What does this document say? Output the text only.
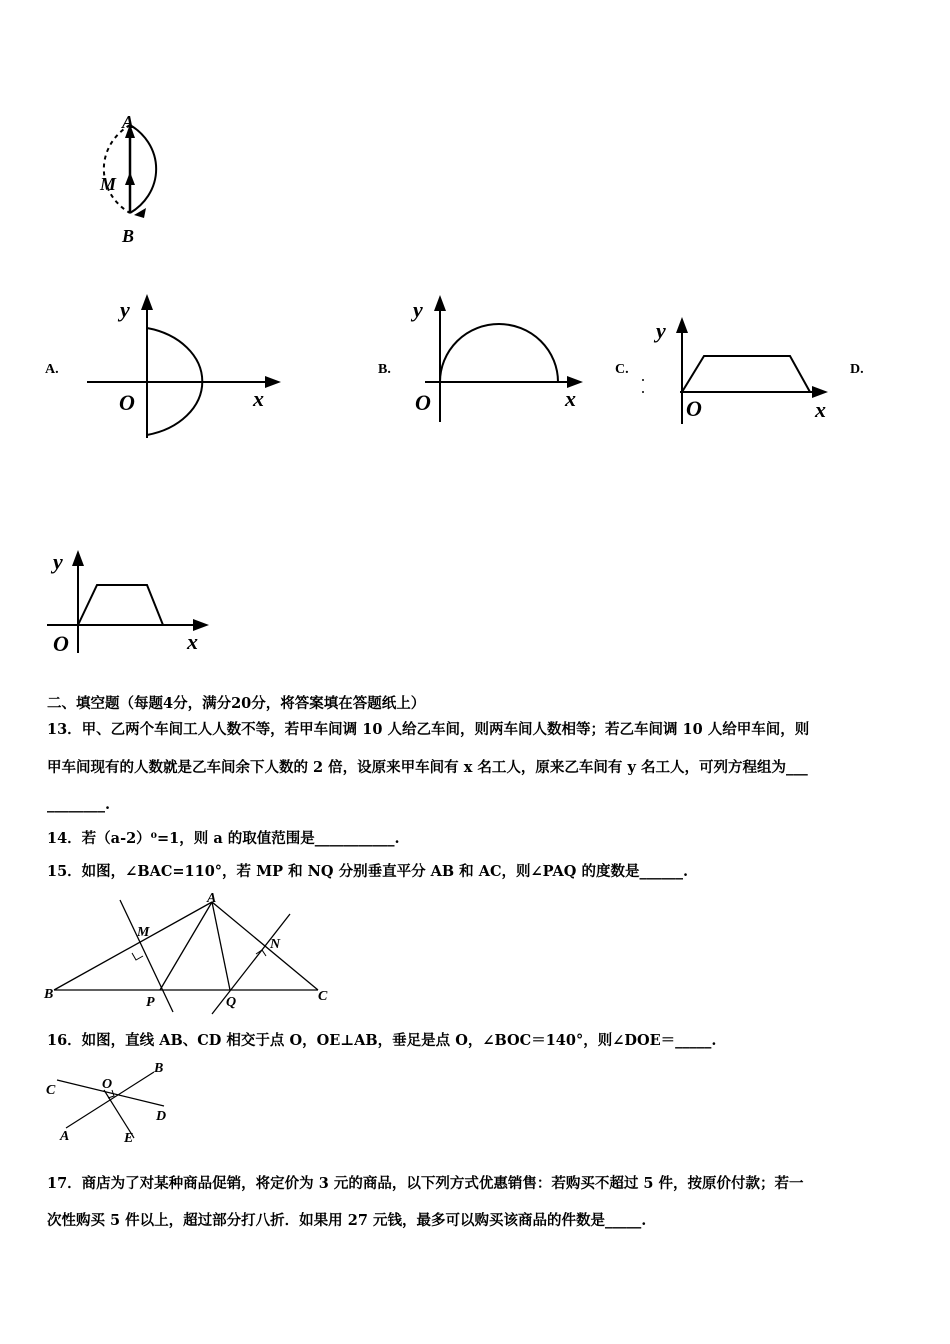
A
M
B
A.
y
x
O
B.
y
x
O
C.
y
x
O
D.
y
x
O
二、填空题（每题4分，满分20分，将答案填在答题纸上）
13．甲、乙两个车间工人人数不等，若甲车间调 10 人给乙车间，则两车间人数相等；若乙车间调 10 人给甲车间，则
甲车间现有的人数就是乙车间余下人数的 2 倍，设原来甲车间有 x 名工人，原来乙车间有 y 名工人，可列方程组为___
________.
14．若（a-2）⁰=1，则 a 的取值范围是___________.
15．如图，∠BAC=110°，若 MP 和 NQ 分别垂直平分 AB 和 AC，则∠PAQ 的度数是______.
A
B	C
M
N
P	Q
16．如图，直线 AB、CD 相交于点 O，OE⊥AB，垂足是点 O，∠BOC＝140°，则∠DOE＝_____.
C	O
B
D
A	E
17．商店为了对某种商品促销，将定价为 3 元的商品，以下列方式优惠销售：若购买不超过 5 件，按原价付款；若一
次性购买 5 件以上，超过部分打八折．如果用 27 元钱，最多可以购买该商品的件数是_____.
